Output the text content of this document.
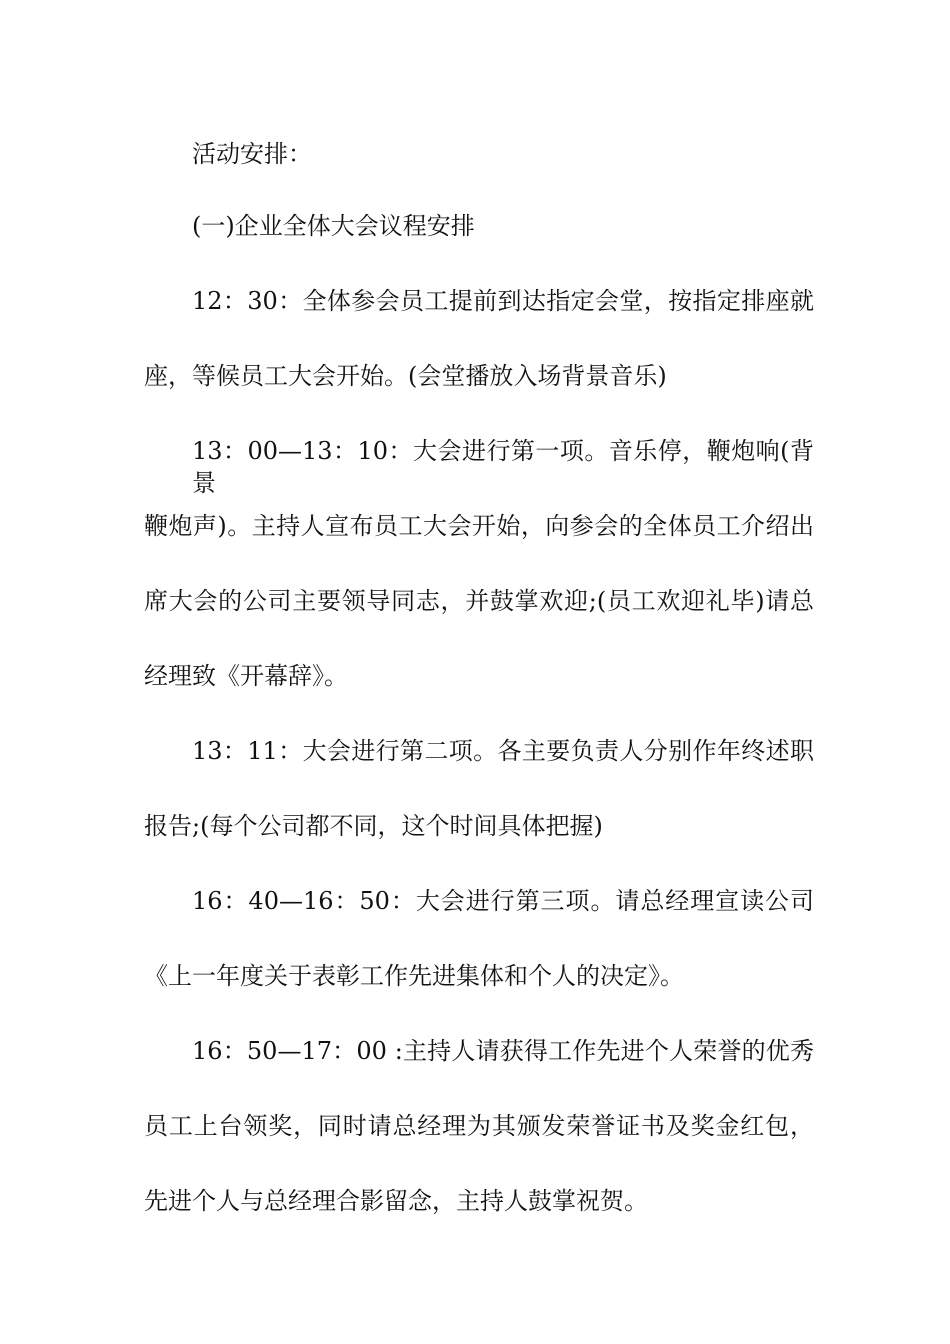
活动安排：
(一)企业全体大会议程安排
12：30：全体参会员工提前到达指定会堂，按指定排座就
座，等候员工大会开始。(会堂播放入场背景音乐)
13：00—13：10：大会进行第一项。音乐停，鞭炮响(背景
鞭炮声)。主持人宣布员工大会开始，向参会的全体员工介绍出
席大会的公司主要领导同志，并鼓掌欢迎;(员工欢迎礼毕)请总
经理致《开幕辞》。
13：11：大会进行第二项。各主要负责人分别作年终述职
报告;(每个公司都不同，这个时间具体把握)
16：40—16：50：大会进行第三项。请总经理宣读公司
《上一年度关于表彰工作先进集体和个人的决定》。
16：50—17：00 :主持人请获得工作先进个人荣誉的优秀
员工上台领奖，同时请总经理为其颁发荣誉证书及奖金红包，
先进个人与总经理合影留念，主持人鼓掌祝贺。
